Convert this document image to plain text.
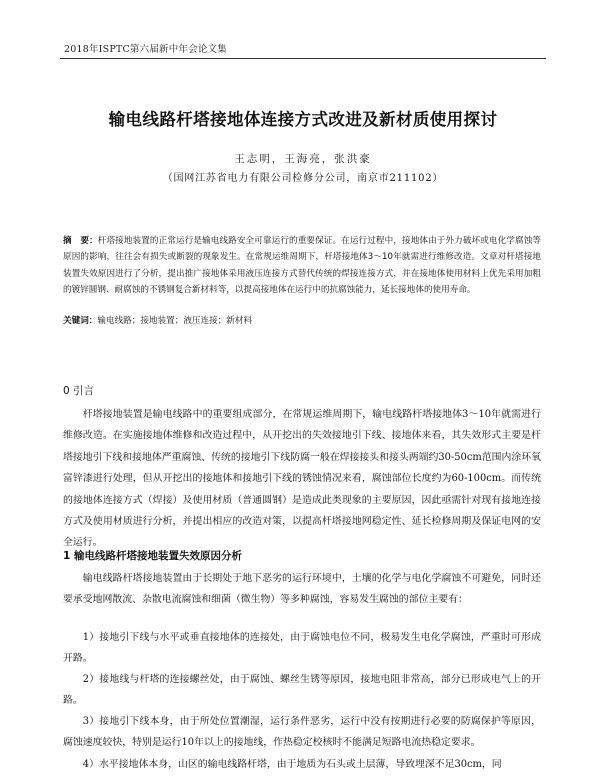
2018年ISPTC第六届新中年会论文集
输电线路杆塔接地体连接方式改进及新材质使用探讨
王志明，王海亮，张洪豪
（国网江苏省电力有限公司检修分公司，南京市211102）
摘　要：杆塔接地装置的正常运行是输电线路安全可靠运行的重要保证。在运行过程中，接地体由于外力破坏或电化学腐蚀等原因的影响，往往会有损失或断裂的现象发生。在常规运维周期下，杆塔接地体3～10年就需进行维修改造。文章对杆塔接地装置失效原因进行了分析，提出推广接地体采用液压连接方式替代传统的焊接连接方式，并在接地体使用材料上优先采用加粗的镀锌圆钢、耐腐蚀的不锈钢复合新材料等，以提高接地体在运行中的抗腐蚀能力，延长接地体的使用寿命。
关键词：输电线路；接地装置；液压连接；新材料
0 引言
杆塔接地装置是输电线路中的重要组成部分，在常规运维周期下，输电线路杆塔接地体3～10年就需进行维修改造。在实施接地体维修和改造过程中，从开挖出的失效接地引下线、接地体来看，其失效形式主要是杆塔接地引下线和接地体严重腐蚀、传统的接地引下线防腐一般在焊接接头和接头两端约30-50cm范围内涂环氧富锌漆进行处理，但从开挖出的接地体和接地引下线的锈蚀情况来看，腐蚀部位长度约为60-100cm。而传统的接地体连接方式（焊接）及使用材质（普通圆钢）是造成此类现象的主要原因，因此亟需针对现有接地连接方式及使用材质进行分析，并提出相应的改造对策，以提高杆塔接地网稳定性、延长检修周期及保证电网的安全运行。
1 输电线路杆塔接地装置失效原因分析
输电线路杆塔接地装置由于长期处于地下恶劣的运行环境中，土壤的化学与电化学腐蚀不可避免，同时还要承受地网散流、杂散电流腐蚀和细菌（微生物）等多种腐蚀，容易发生腐蚀的部位主要有：
1）接地引下线与水平或垂直接地体的连接处，由于腐蚀电位不同，极易发生电化学腐蚀，严重时可形成开路。
2）接地线与杆塔的连接螺丝处，由于腐蚀、螺丝生锈等原因，接地电阻非常高，部分已形成电气上的开路。
3）接地引下线本身，由于所处位置潮湿，运行条件恶劣，运行中没有按期进行必要的防腐保护等原因，腐蚀速度较快，特别是运行10年以上的接地线，作热稳定校核时不能满足短路电流热稳定要求。
4）水平接地体本身，山区的输电线路杆塔，由于地质为石头或土层薄，导致埋深不足30cm，同
